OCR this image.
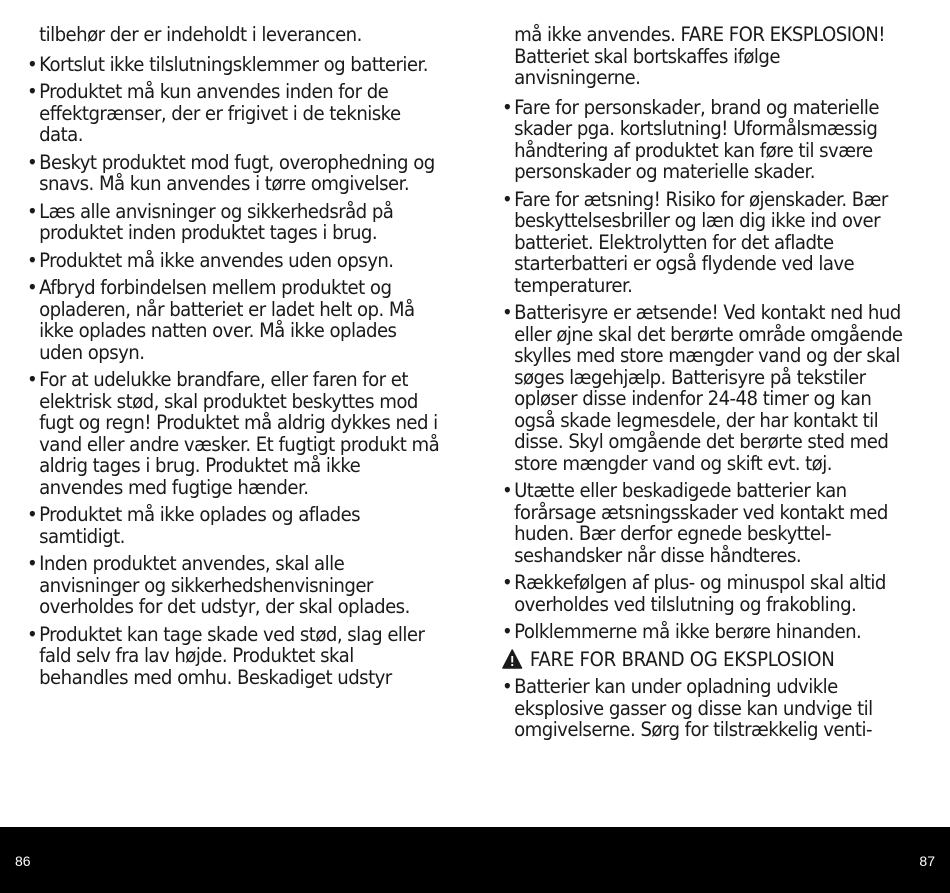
tilbehør der er indeholdt i leverancen.
• Kortslut ikke tilslutningsklemmer og batterier.
• Produktet må kun anvendes inden for de effektgrænser, der er frigivet i de tekniske data.
• Beskyt produktet mod fugt, overophedning og snavs. Må kun anvendes i tørre omgivelser.
• Læs alle anvisninger og sikkerhedsråd på produktet inden produktet tages i brug.
• Produktet må ikke anvendes uden opsyn.
• Afbryd forbindelsen mellem produktet og opladeren, når batteriet er ladet helt op. Må ikke oplades natten over. Må ikke oplades uden opsyn.
• For at udelukke brandfare, eller faren for et elektrisk stød, skal produktet beskyttes mod fugt og regn! Produktet må aldrig dykkes ned i vand eller andre væsker. Et fugtigt produkt må aldrig tages i brug. Produktet må ikke anvendes med fugtige hænder.
• Produktet må ikke oplades og aflades samtidigt.
• Inden produktet anvendes, skal alle anvisninger og sikkerhedshenvisninger overholdes for det udstyr, der skal oplades.
• Produktet kan tage skade ved stød, slag eller fald selv fra lav højde. Produktet skal behandles med omhu. Beskadiget udstyr
må ikke anvendes. FARE FOR EKSPLOSION! Batteriet skal bortskaffes ifølge anvisningerne.
• Fare for personskader, brand og materielle skader pga. kortslutning! Uformålsmæssig håndtering af produktet kan føre til svære personskader og materielle skader.
• Fare for ætsning! Risiko for øjenskader. Bær beskyttelsesbriller og læn dig ikke ind over batteriet. Elektrolytten for det afladte starterbatteri er også flydende ved lave temperaturer.
• Batterisyre er ætsende! Ved kontakt ned hud eller øjne skal det berørte område omgående skylles med store mængder vand og der skal søges lægehjælp. Batterisyre på tekstiler opløser disse indenfor 24-48 timer og kan også skade legmesdele, der har kontakt til disse. Skyl omgående det berørte sted med store mængder vand og skift evt. tøj.
• Utætte eller beskadigede batterier kan forårsage ætsningsskader ved kontakt med huden. Bær derfor egnede beskyttel-seshandsker når disse håndteres.
• Rækkefølgen af plus- og minuspol skal altid overholdes ved tilslutning og frakobling.
• Polklemmerne må ikke berøre hinanden.
FARE FOR BRAND OG EKSPLOSION
• Batterier kan under opladning udvikle eksplosive gasser og disse kan undvige til omgivelserne. Sørg for tilstrækkelig venti-
86	87
